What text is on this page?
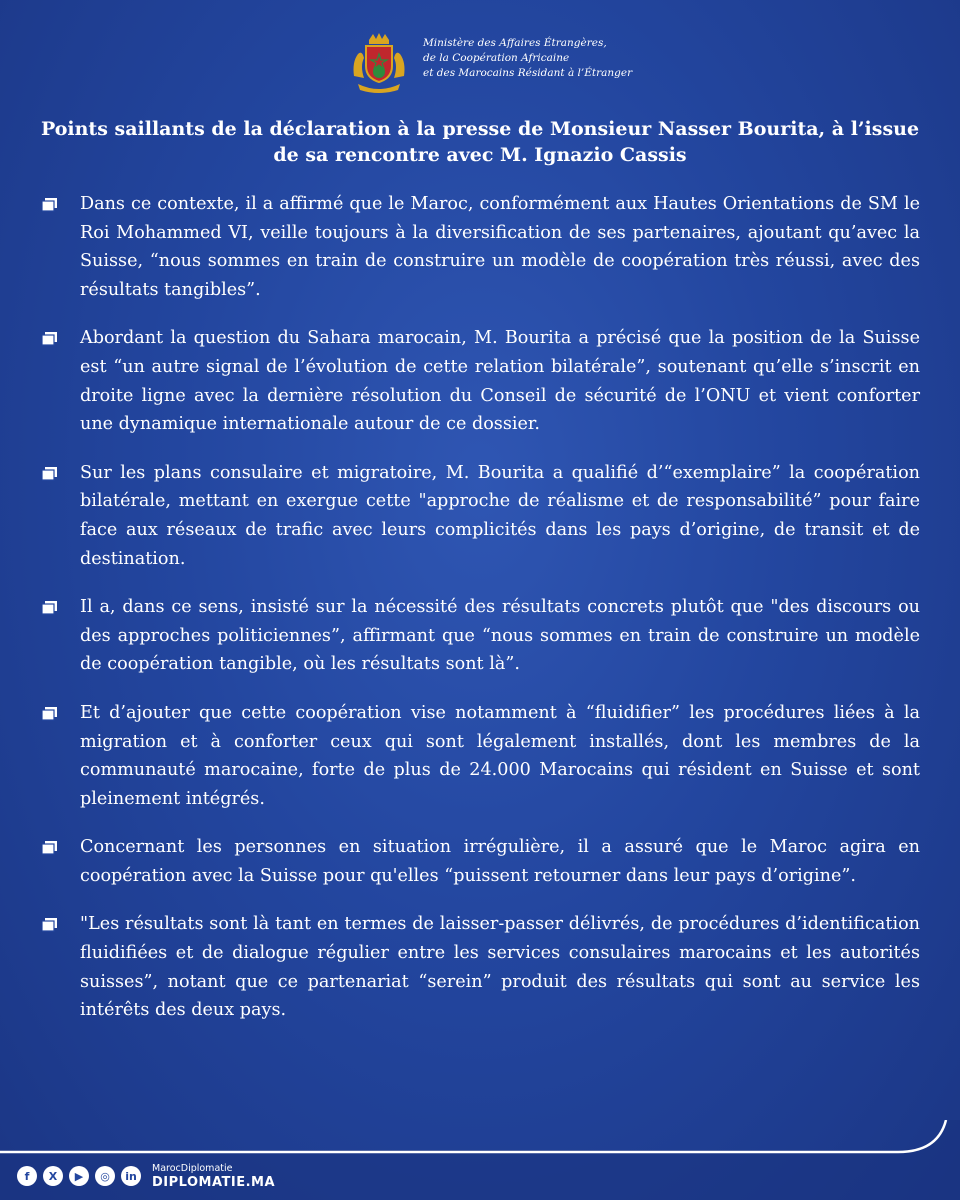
Ministère des Affaires Étrangères,
de la Coopération Africaine
et des Marocains Résidant à l’Étranger
Points saillants de la déclaration à la presse de Monsieur Nasser Bourita, à l’issue de sa rencontre avec M. Ignazio Cassis
Dans ce contexte, il a affirmé que le Maroc, conformément aux Hautes Orientations de SM le Roi Mohammed VI, veille toujours à la diversification de ses partenaires, ajoutant qu’avec la Suisse, “nous sommes en train de construire un modèle de coopération très réussi, avec des résultats tangibles”.
Abordant la question du Sahara marocain, M. Bourita a précisé que la position de la Suisse est “un autre signal de l’évolution de cette relation bilatérale”, soutenant qu’elle s’inscrit en droite ligne avec la dernière résolution du Conseil de sécurité de l’ONU et vient conforter une dynamique internationale autour de ce dossier.
Sur les plans consulaire et migratoire, M. Bourita a qualifié d’“exemplaire” la coopération bilatérale, mettant en exergue cette "approche de réalisme et de responsabilité” pour faire face aux réseaux de trafic avec leurs complicités dans les pays d’origine, de transit et de destination.
Il a, dans ce sens, insisté sur la nécessité des résultats concrets plutôt que "des discours ou des approches politiciennes”, affirmant que “nous sommes en train de construire un modèle de coopération tangible, où les résultats sont là”.
Et d’ajouter que cette coopération vise notamment à “fluidifier” les procédures liées à la migration et à conforter ceux qui sont légalement installés, dont les membres de la communauté marocaine, forte de plus de 24.000 Marocains qui résident en Suisse et sont pleinement intégrés.
Concernant les personnes en situation irrégulière, il a assuré que le Maroc agira en coopération avec la Suisse pour qu'elles “puissent retourner dans leur pays d’origine”.
"Les résultats sont là tant en termes de laisser-passer délivrés, de procédures d’identification fluidifiées et de dialogue régulier entre les services consulaires marocains et les autorités suisses”, notant que ce partenariat “serein” produit des résultats qui sont au service les intérêts des deux pays.
f	X	▶	◎	in
MarocDiplomatie
DIPLOMATIE.MA
